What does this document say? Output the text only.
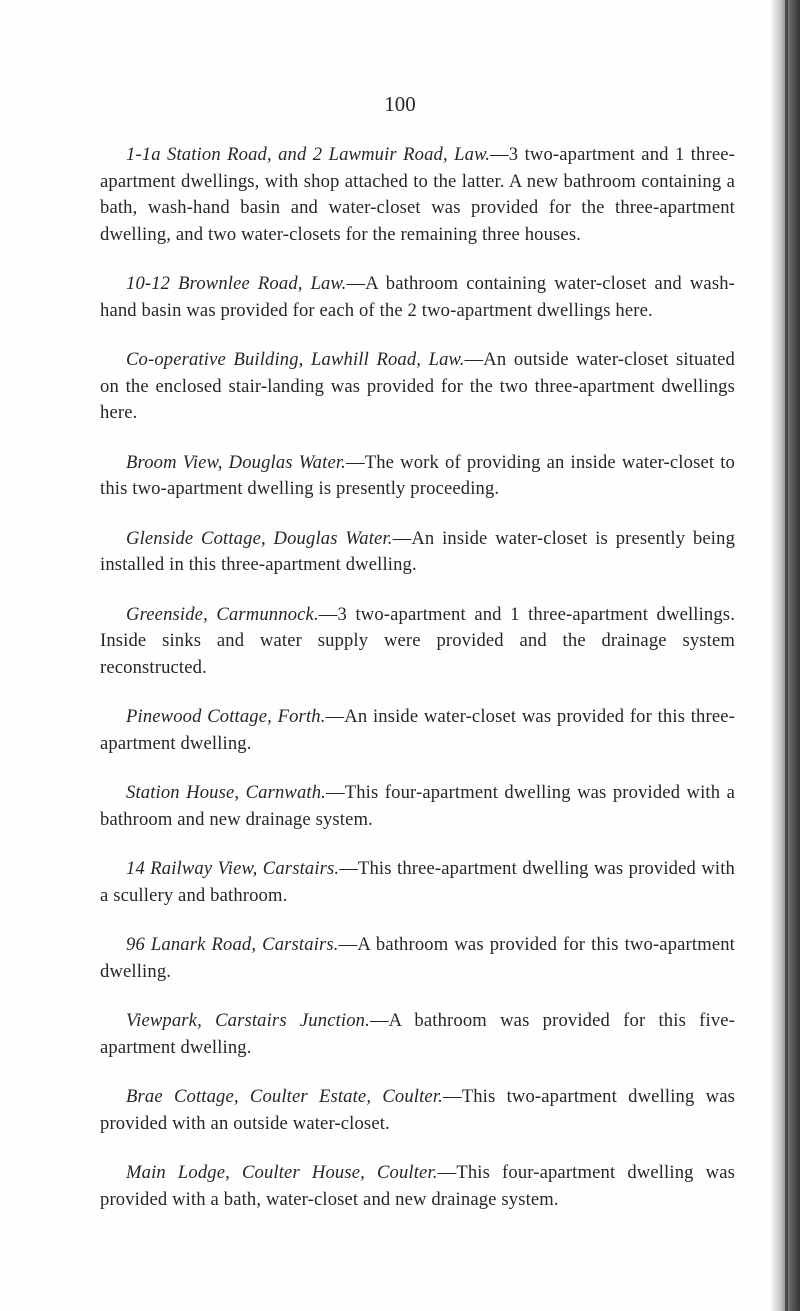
100

1-1a Station Road, and 2 Lawmuir Road, Law.—3 two-apartment and 1 three-apartment dwellings, with shop attached to the latter. A new bathroom containing a bath, wash-hand basin and water-closet was provided for the three-apartment dwelling, and two water-closets for the remaining three houses.

10-12 Brownlee Road, Law.—A bathroom containing water-closet and wash-hand basin was provided for each of the 2 two-apartment dwellings here.

Co-operative Building, Lawhill Road, Law.—An outside water-closet situated on the enclosed stair-landing was provided for the two three-apartment dwellings here.

Broom View, Douglas Water.—The work of providing an inside water-closet to this two-apartment dwelling is presently proceeding.

Glenside Cottage, Douglas Water.—An inside water-closet is presently being installed in this three-apartment dwelling.

Greenside, Carmunnock.—3 two-apartment and 1 three-apartment dwellings. Inside sinks and water supply were provided and the drainage system reconstructed.

Pinewood Cottage, Forth.—An inside water-closet was provided for this three-apartment dwelling.

Station House, Carnwath.—This four-apartment dwelling was provided with a bathroom and new drainage system.

14 Railway View, Carstairs.—This three-apartment dwelling was provided with a scullery and bathroom.

96 Lanark Road, Carstairs.—A bathroom was provided for this two-apartment dwelling.

Viewpark, Carstairs Junction.—A bathroom was provided for this five-apartment dwelling.

Brae Cottage, Coulter Estate, Coulter.—This two-apartment dwelling was provided with an outside water-closet.

Main Lodge, Coulter House, Coulter.—This four-apartment dwelling was provided with a bath, water-closet and new drainage system.
